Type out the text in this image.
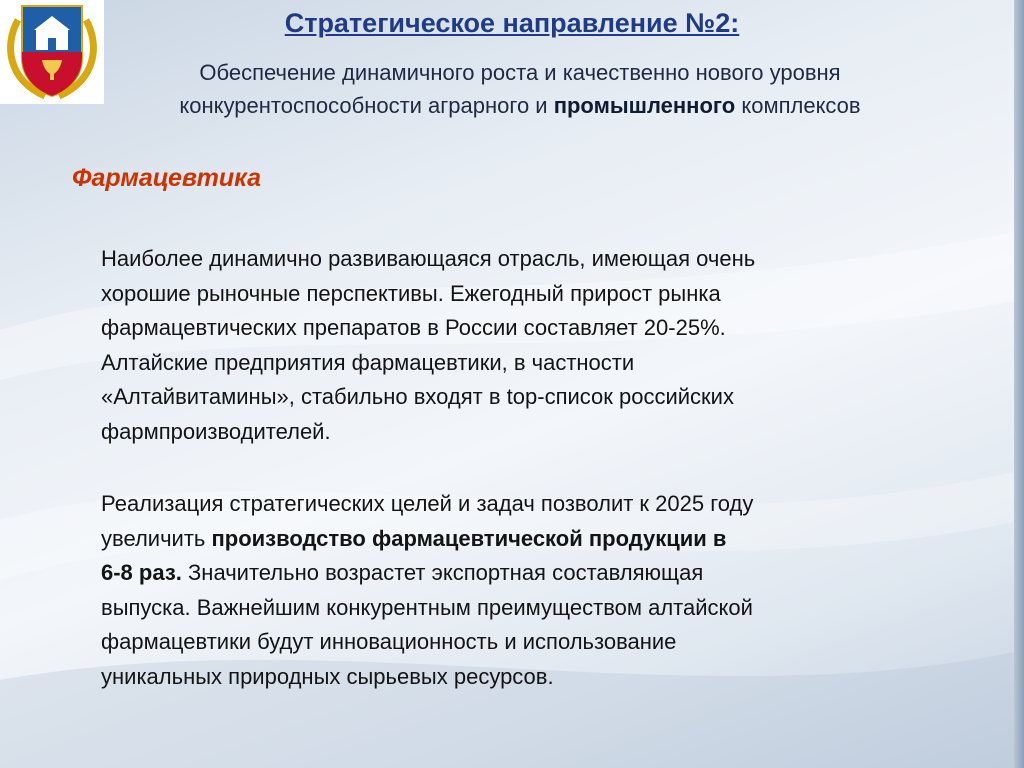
Стратегическое направление №2:
Обеспечение динамичного роста и качественно нового уровня
конкурентоспособности аграрного и промышленного комплексов
Фармацевтика
Наиболее динамично развивающаяся отрасль, имеющая очень
хорошие рыночные перспективы. Ежегодный прирост рынка
фармацевтических препаратов в России составляет 20-25%.
Алтайские предприятия фармацевтики, в частности
«Алтайвитамины», стабильно входят в top-список российских
фармпроизводителей.
Реализация стратегических целей и задач позволит к 2025 году
увеличить производство фармацевтической продукции в
6-8 раз. Значительно возрастет экспортная составляющая
выпуска. Важнейшим конкурентным преимуществом алтайской
фармацевтики будут инновационность и использование
уникальных природных сырьевых ресурсов.
